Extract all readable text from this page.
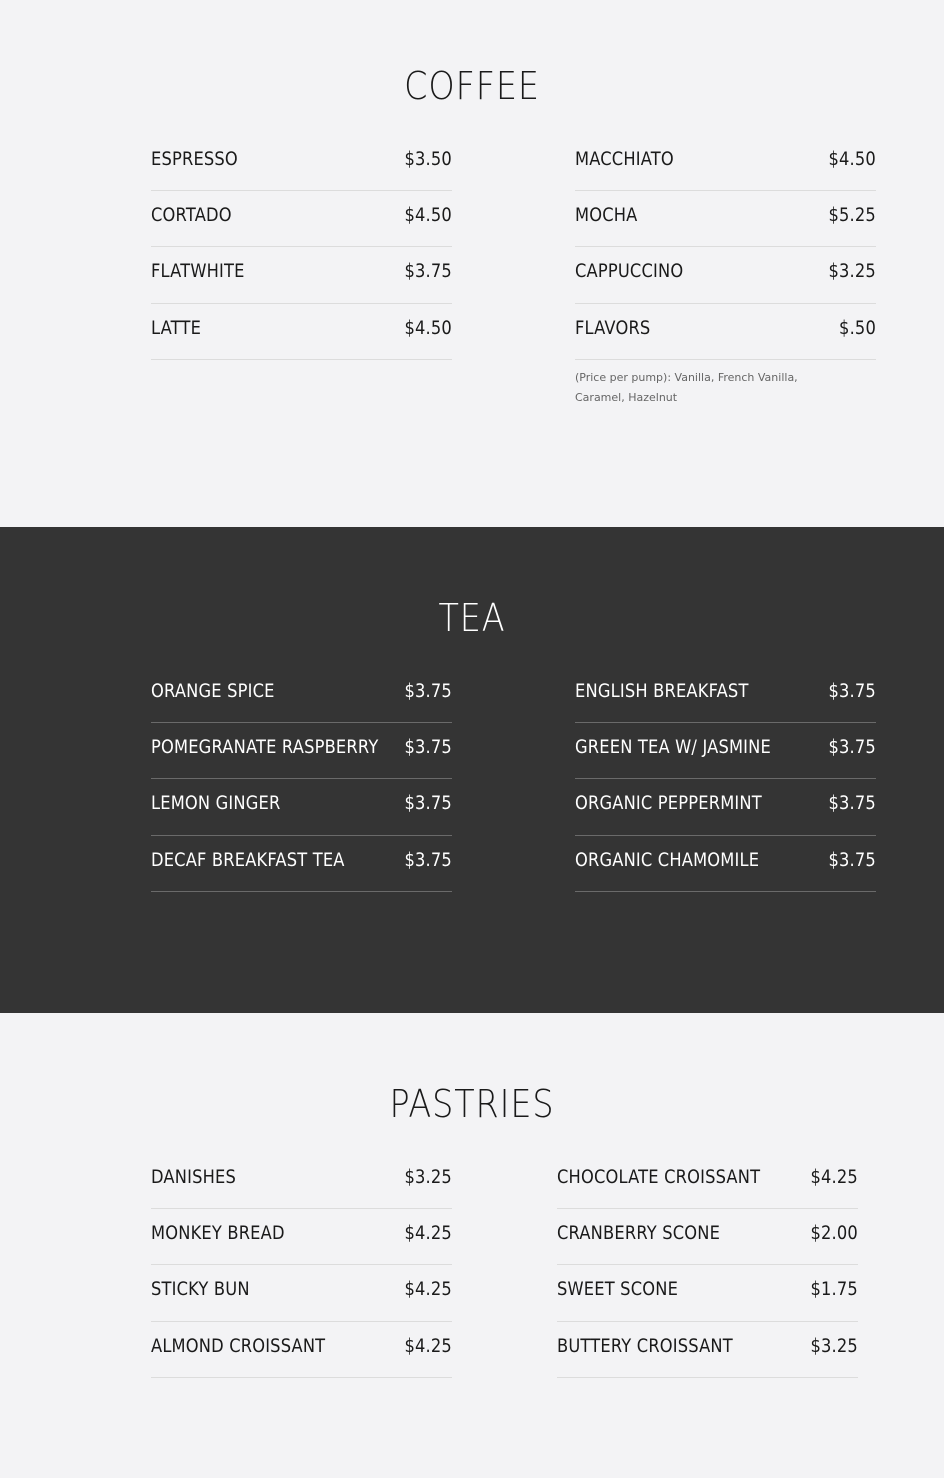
COFFEE
ESPRESSO	$3.50
CORTADO	$4.50
FLATWHITE	$3.75
LATTE	$4.50
MACCHIATO	$4.50
MOCHA	$5.25
CAPPUCCINO	$3.25
FLAVORS	$.50

(Price per pump): Vanilla, French Vanilla, Caramel, Hazelnut

TEA
ORANGE SPICE	$3.75
POMEGRANATE RASPBERRY $3.75
LEMON GINGER	$3.75
DECAF BREAKFAST TEA	$3.75
ENGLISH BREAKFAST	$3.75
GREEN TEA W/ JASMINE	$3.75
ORGANIC PEPPERMINT	$3.75
ORGANIC CHAMOMILE	$3.75
PASTRIES
DANISHES	$3.25
MONKEY BREAD	$4.25
STICKY BUN	$4.25
ALMOND CROISSANT	$4.25
CHOCOLATE CROISSANT	$4.25
CRANBERRY SCONE	$2.00
SWEET SCONE	$1.75
BUTTERY CROISSANT	$3.25
